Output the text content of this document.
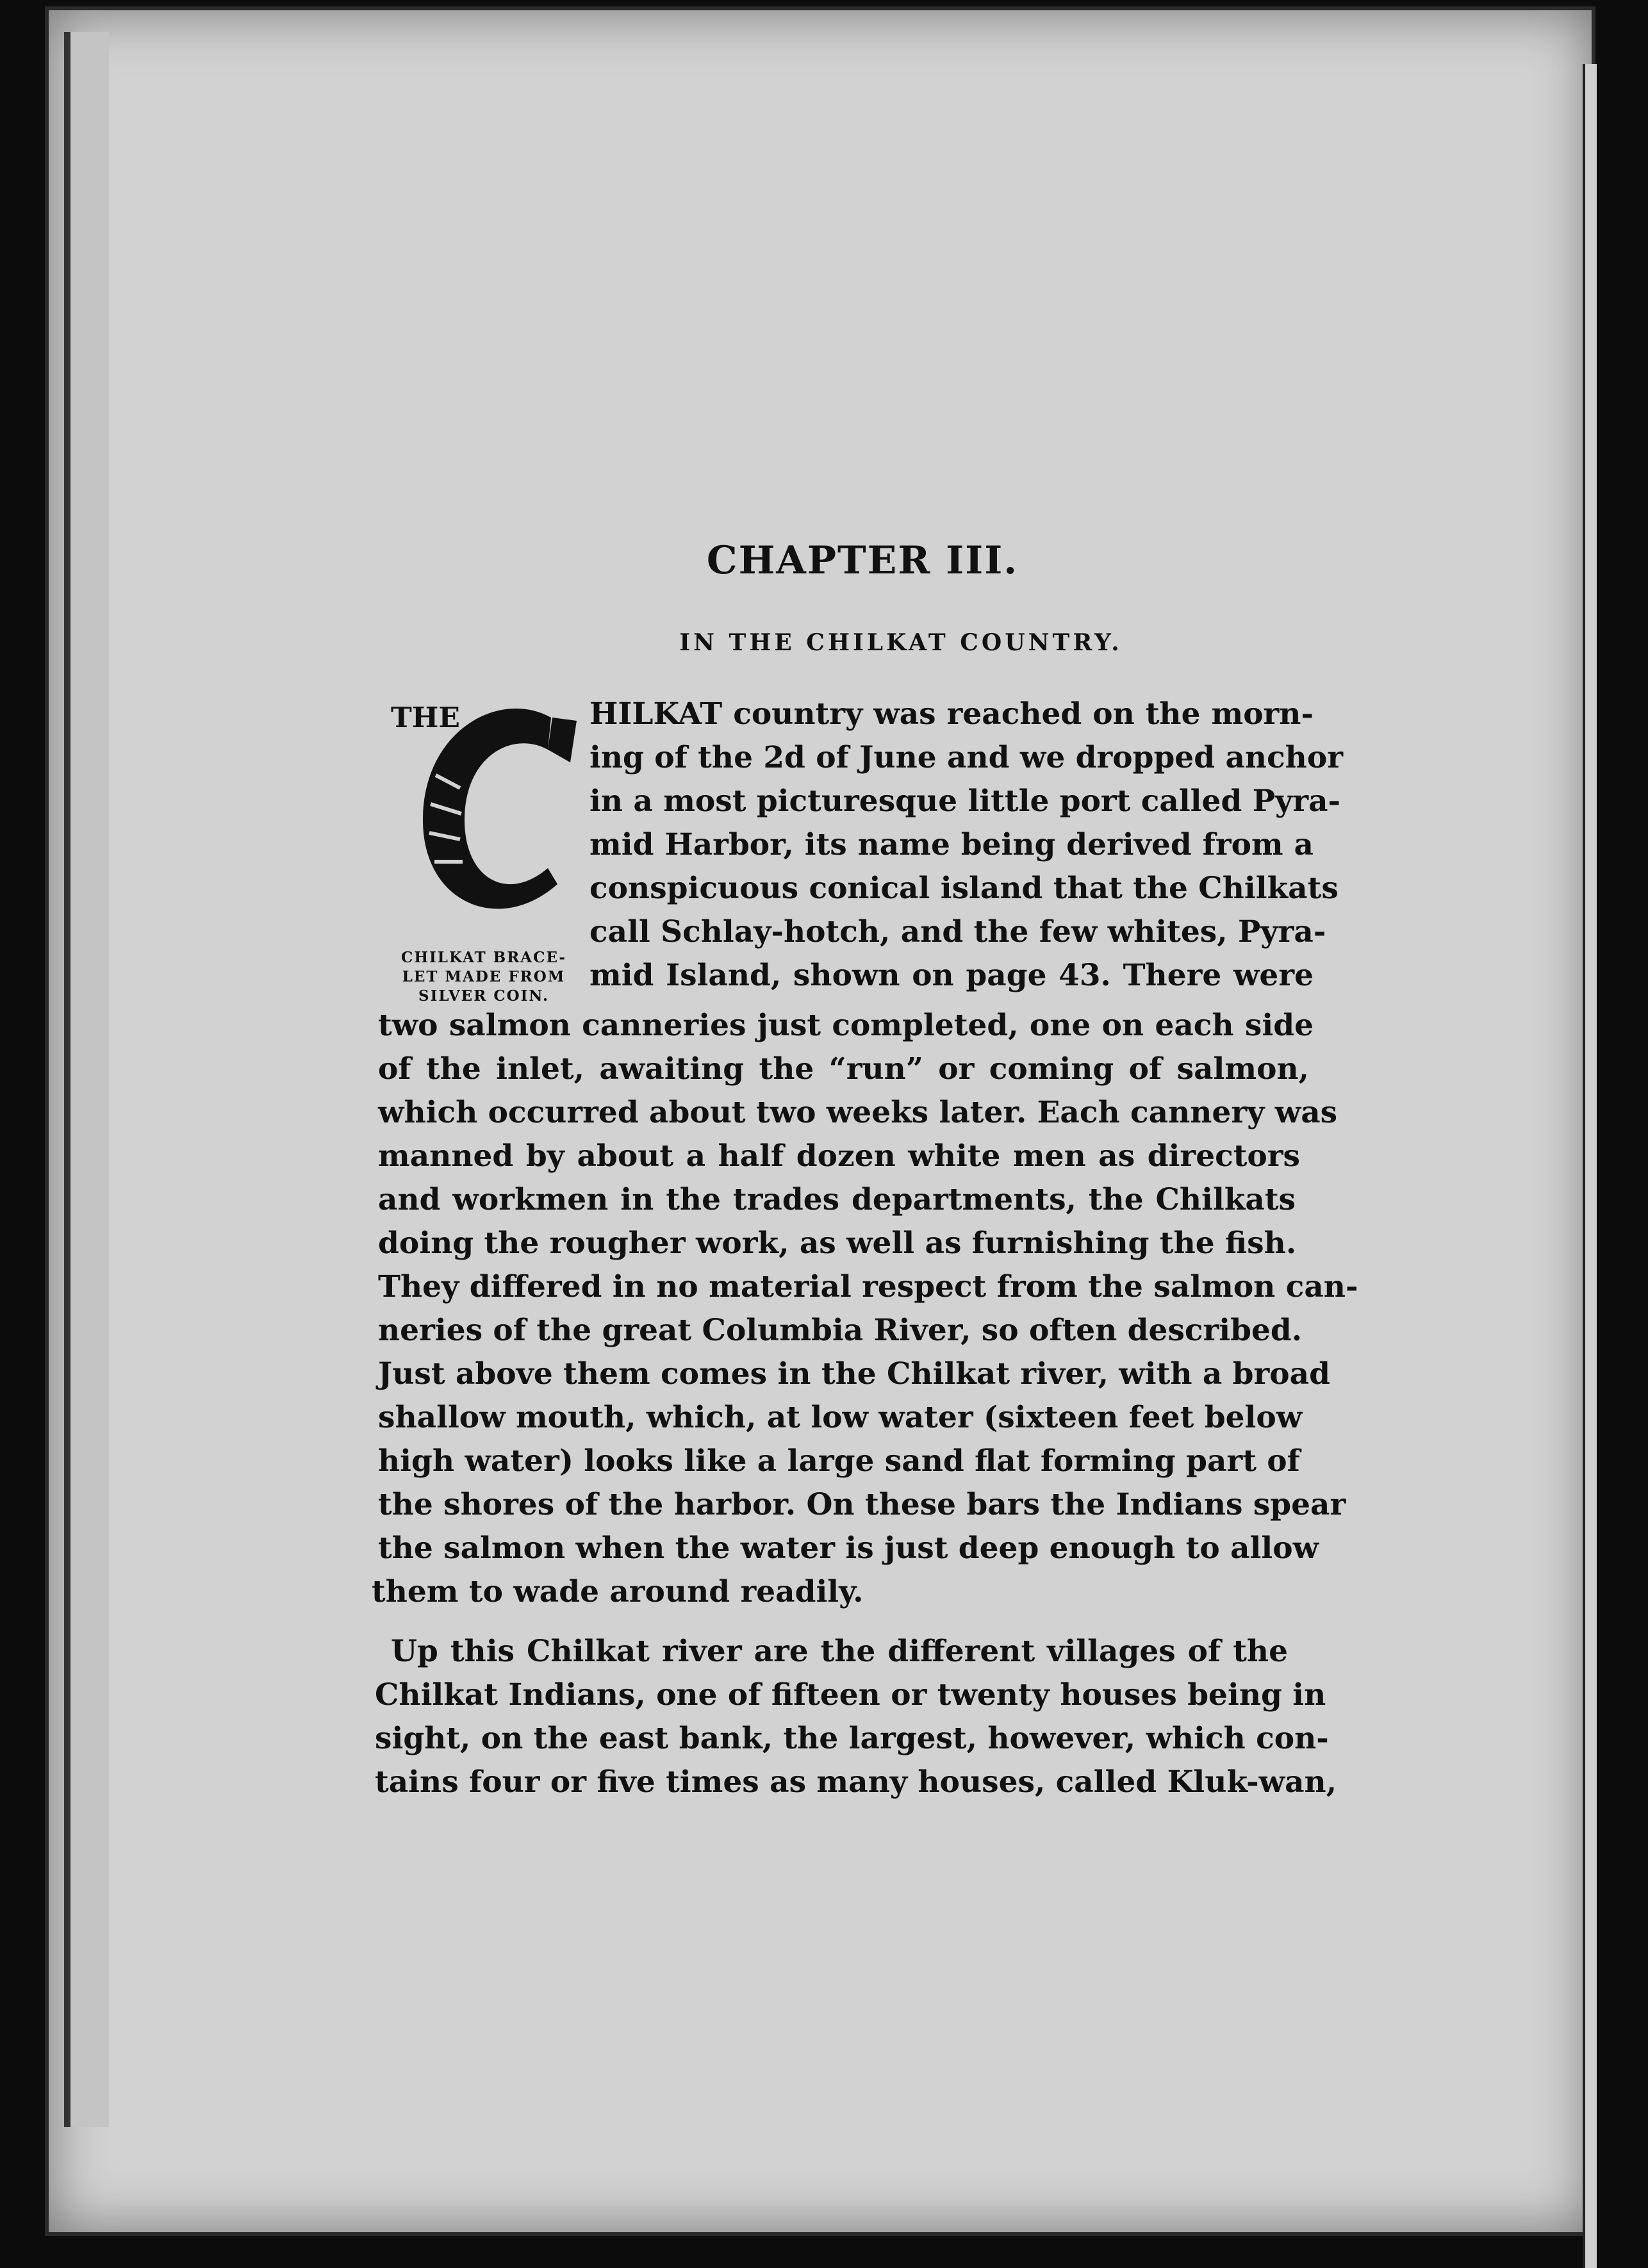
CHAPTER III.
IN THE CHILKAT COUNTRY.
THE
CHILKAT BRACE-
LET MADE FROM
SILVER COIN.
HILKAT country was reached on the morn-
ing of the 2d of June and we dropped anchor
in a most picturesque little port called Pyra-
mid Harbor, its name being derived from a
conspicuous conical island that the Chilkats
call Schlay-hotch, and the few whites, Pyra-
mid Island, shown on page 43. There were
two salmon canneries just completed, one on each side
of the inlet, awaiting the “run” or coming of salmon,
which occurred about two weeks later. Each cannery was
manned by about a half dozen white men as directors
and workmen in the trades departments, the Chilkats
doing the rougher work, as well as furnishing the fish.
They differed in no material respect from the salmon can-
neries of the great Columbia River, so often described.
Just above them comes in the Chilkat river, with a broad
shallow mouth, which, at low water (sixteen feet below
high water) looks like a large sand flat forming part of
the shores of the harbor. On these bars the Indians spear
the salmon when the water is just deep enough to allow
them to wade around readily.
Up this Chilkat river are the different villages of the
Chilkat Indians, one of fifteen or twenty houses being in
sight, on the east bank, the largest, however, which con-
tains four or five times as many houses, called Kluk-wan,
